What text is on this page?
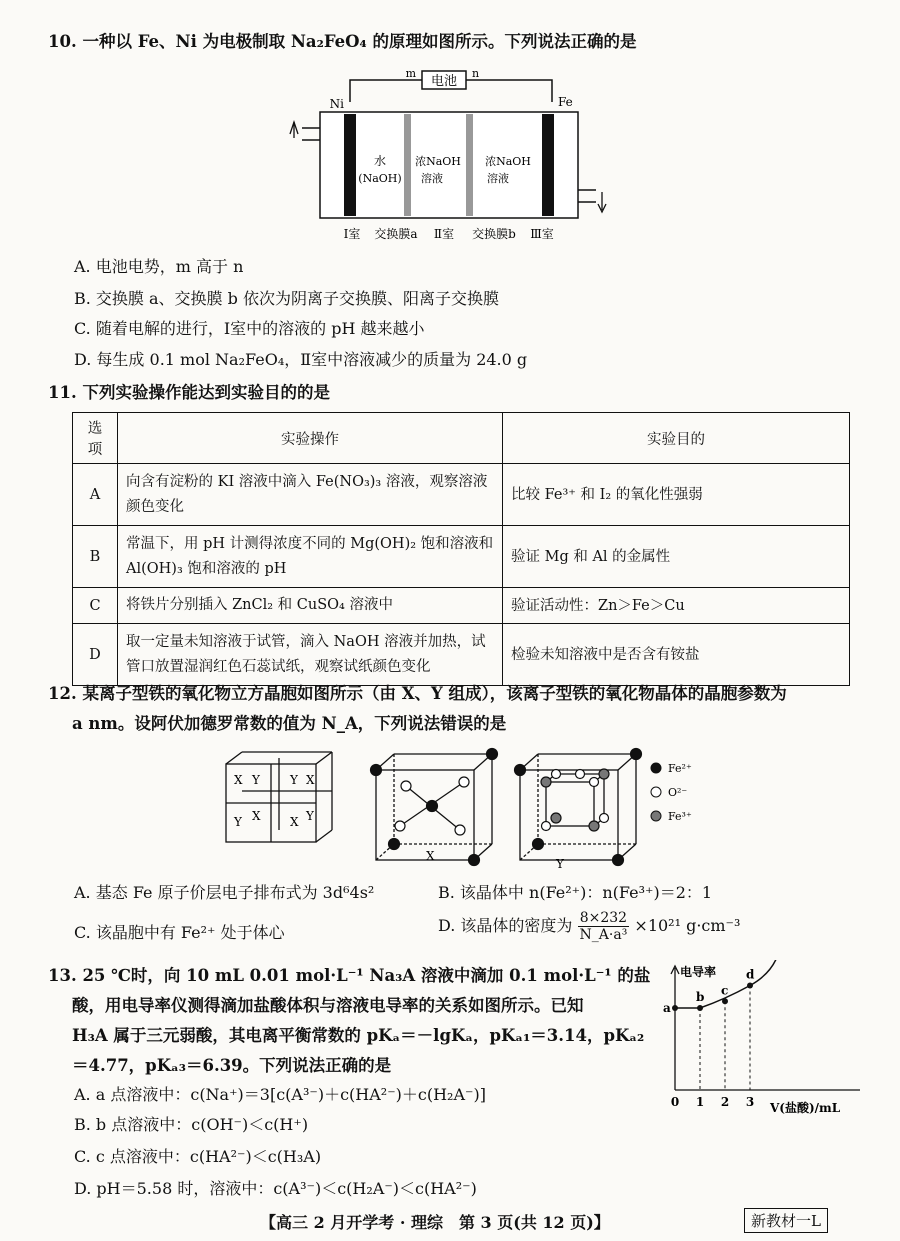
10. 一种以 Fe、Ni 为电极制取 Na₂FeO₄ 的原理如图所示。下列说法正确的是
电池
m	n
Ni	Fe
水
(NaOH)
浓NaOH
溶液
浓NaOH
溶液
Ⅰ室 交换膜a Ⅱ室 交换膜b Ⅲ室
A. 电池电势，m 高于 n
B. 交换膜 a、交换膜 b 依次为阴离子交换膜、阳离子交换膜
C. 随着电解的进行，Ⅰ室中的溶液的 pH 越来越小
D. 每生成 0.1 mol Na₂FeO₄，Ⅱ室中溶液减少的质量为 24.0 g
11. 下列实验操作能达到实验目的的是
选项	实验操作	实验目的
A	向含有淀粉的 KI 溶液中滴入 Fe(NO₃)₃ 溶液，观察溶液颜色变化	比较 Fe³⁺ 和 I₂ 的氧化性强弱
B	常温下，用 pH 计测得浓度不同的 Mg(OH)₂ 饱和溶液和 Al(OH)₃ 饱和溶液的 pH	验证 Mg 和 Al 的金属性
C	将铁片分别插入 ZnCl₂ 和 CuSO₄ 溶液中	验证活动性：Zn＞Fe＞Cu
D	取一定量未知溶液于试管，滴入 NaOH 溶液并加热，试管口放置湿润红色石蕊试纸，观察试纸颜色变化	检验未知溶液中是否含有铵盐
12. 某离子型铁的氧化物立方晶胞如图所示（由 X、Y 组成），该离子型铁的氧化物晶体的晶胞参数为
a nm。设阿伏加德罗常数的值为 N_A，下列说法错误的是
X Y	Y X
Y X X Y
X
Y
Fe²⁺
O²⁻
Fe³⁺
A. 基态 Fe 原子价层电子排布式为 3d⁶4s²	B. 该晶体中 n(Fe²⁺)：n(Fe³⁺)＝2：1
C. 该晶胞中有 Fe²⁺ 处于体心	D. 该晶体的密度为 $\frac{8\times 232}{\text{N\_A·a³}} \times 10^{21}$ g·cm⁻³
13. 25 ℃时，向 10 mL 0.01 mol·L⁻¹ Na₃A 溶液中滴加 0.1 mol·L⁻¹ 的盐
酸，用电导率仪测得滴加盐酸体积与溶液电导率的关系如图所示。已知
H₃A 属于三元弱酸，其电离平衡常数的 pKₐ＝－lgKₐ，pKₐ₁＝3.14，pKₐ₂
＝4.77，pKₐ₃＝6.39。下列说法正确的是
A. a 点溶液中：c(Na⁺)＝3[c(A³⁻)＋c(HA²⁻)＋c(H₂A⁻)]
B. b 点溶液中：c(OH⁻)＜c(H⁺)
C. c 点溶液中：c(HA²⁻)＜c(H₃A)
D. pH＝5.58 时，溶液中：c(A³⁻)＜c(H₂A⁻)＜c(HA²⁻)
电导率
V(盐酸)/mL
0 1 2 3
a
b c
d
【高三 2 月开学考 · 理综　第 3 页(共 12 页)】	新教材一L
